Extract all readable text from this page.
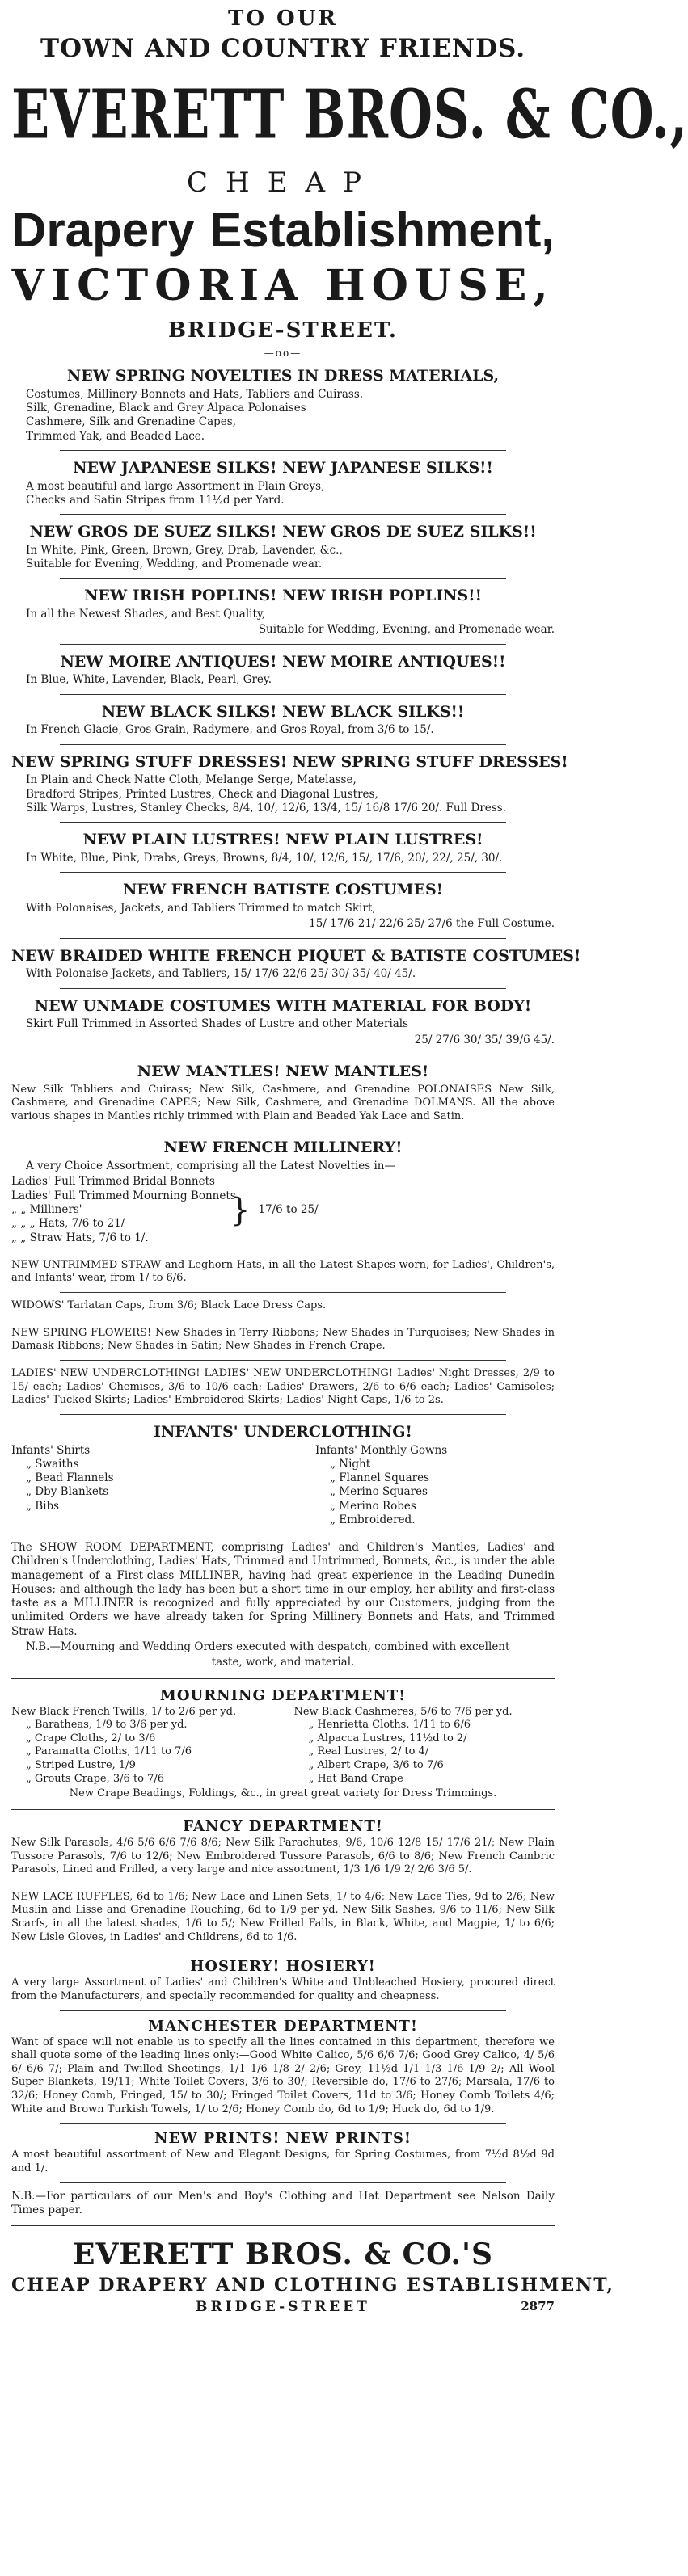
TO OUR
TOWN AND COUNTRY FRIENDS.
EVERETT BROS. & CO.,
CHEAP
Drapery Establishment,
VICTORIA HOUSE,
BRIDGE-STREET.
—oo—
NEW SPRING NOVELTIES IN DRESS MATERIALS,
Costumes, Millinery Bonnets and Hats, Tabliers and Cuirass.
Silk, Grenadine, Black and Grey Alpaca Polonaises
Cashmere, Silk and Grenadine Capes,
Trimmed Yak, and Beaded Lace.
NEW JAPANESE SILKS! NEW JAPANESE SILKS!!
A most beautiful and large Assortment in Plain Greys,
Checks and Satin Stripes from 11½d per Yard.
NEW GROS DE SUEZ SILKS! NEW GROS DE SUEZ SILKS!!
In White, Pink, Green, Brown, Grey, Drab, Lavender, &c.,
Suitable for Evening, Wedding, and Promenade wear.
NEW IRISH POPLINS! NEW IRISH POPLINS!!
In all the Newest Shades, and Best Quality,
Suitable for Wedding, Evening, and Promenade wear.
NEW MOIRE ANTIQUES! NEW MOIRE ANTIQUES!!
In Blue, White, Lavender, Black, Pearl, Grey.
NEW BLACK SILKS! NEW BLACK SILKS!!
In French Glacie, Gros Grain, Radymere, and Gros Royal, from 3/6 to 15/.
NEW SPRING STUFF DRESSES! NEW SPRING STUFF DRESSES!
In Plain and Check Natte Cloth, Melange Serge, Matelasse,
Bradford Stripes, Printed Lustres, Check and Diagonal Lustres,
Silk Warps, Lustres, Stanley Checks, 8/4, 10/, 12/6, 13/4, 15/ 16/8 17/6 20/. Full Dress.
NEW PLAIN LUSTRES! NEW PLAIN LUSTRES!
In White, Blue, Pink, Drabs, Greys, Browns, 8/4, 10/, 12/6, 15/, 17/6, 20/, 22/, 25/, 30/.
NEW FRENCH BATISTE COSTUMES!
With Polonaises, Jackets, and Tabliers Trimmed to match Skirt,
15/ 17/6 21/ 22/6 25/ 27/6 the Full Costume.
NEW BRAIDED WHITE FRENCH PIQUET & BATISTE COSTUMES!
With Polonaise Jackets, and Tabliers, 15/ 17/6 22/6 25/ 30/ 35/ 40/ 45/.
NEW UNMADE COSTUMES WITH MATERIAL FOR BODY!
Skirt Full Trimmed in Assorted Shades of Lustre and other Materials
25/ 27/6 30/ 35/ 39/6 45/.
NEW MANTLES! NEW MANTLES!
New Silk Tabliers and Cuirass; New Silk, Cashmere, and Grenadine POLONAISES New Silk, Cashmere, and Grenadine CAPES; New Silk, Cashmere, and Grenadine DOLMANS. All the above various shapes in Mantles richly trimmed with Plain and Beaded Yak Lace and Satin.
NEW FRENCH MILLINERY!
A very Choice Assortment, comprising all the Latest Novelties in—
Ladies' Full Trimmed Bridal Bonnets
Ladies' Full Trimmed Mourning Bonnets
„ „ Milliners'
„ „ „ Hats, 7/6 to 21/
„ „ Straw Hats, 7/6 to 1/.
} 17/6 to 25/
NEW UNTRIMMED STRAW and Leghorn Hats, in all the Latest Shapes worn, for Ladies', Children's, and Infants' wear, from 1/ to 6/6.
WIDOWS' Tarlatan Caps, from 3/6; Black Lace Dress Caps.
NEW SPRING FLOWERS! New Shades in Terry Ribbons; New Shades in Turquoises; New Shades in Damask Ribbons; New Shades in Satin; New Shades in French Crape.
LADIES' NEW UNDERCLOTHING! LADIES' NEW UNDERCLOTHING! Ladies' Night Dresses, 2/9 to 15/ each; Ladies' Chemises, 3/6 to 10/6 each; Ladies' Drawers, 2/6 to 6/6 each; Ladies' Camisoles; Ladies' Tucked Skirts; Ladies' Embroidered Skirts; Ladies' Night Caps, 1/6 to 2s.
INFANTS' UNDERCLOTHING!
Infants' Shirts
„ Swaiths
„ Bead Flannels
„ Dby Blankets
„ Bibs
Infants' Monthly Gowns
„ Night
„ Flannel Squares
„ Merino Squares
„ Merino Robes
„ Embroidered.
The SHOW ROOM DEPARTMENT, comprising Ladies' and Children's Mantles, Ladies' and Children's Underclothing, Ladies' Hats, Trimmed and Untrimmed, Bonnets, &c., is under the able management of a First-class MILLINER, having had great experience in the Leading Dunedin Houses; and although the lady has been but a short time in our employ, her ability and first-class taste as a MILLINER is recognized and fully appreciated by our Customers, judging from the unlimited Orders we have already taken for Spring Millinery Bonnets and Hats, and Trimmed Straw Hats.
N.B.—Mourning and Wedding Orders executed with despatch, combined with excellent
taste, work, and material.
MOURNING DEPARTMENT!
New Black French Twills, 1/ to 2/6 per yd.
„ Baratheas, 1/9 to 3/6 per yd.
„ Crape Cloths, 2/ to 3/6
„ Paramatta Cloths, 1/11 to 7/6
„ Striped Lustre, 1/9
„ Grouts Crape, 3/6 to 7/6
New Black Cashmeres, 5/6 to 7/6 per yd.
„ Henrietta Cloths, 1/11 to 6/6
„ Alpacca Lustres, 11½d to 2/
„ Real Lustres, 2/ to 4/
„ Albert Crape, 3/6 to 7/6
„ Hat Band Crape
New Crape Beadings, Foldings, &c., in great great variety for Dress Trimmings.
FANCY DEPARTMENT!
New Silk Parasols, 4/6 5/6 6/6 7/6 8/6; New Silk Parachutes, 9/6, 10/6 12/8 15/ 17/6 21/; New Plain Tussore Parasols, 7/6 to 12/6; New Embroidered Tussore Parasols, 6/6 to 8/6; New French Cambric Parasols, Lined and Frilled, a very large and nice assortment, 1/3 1/6 1/9 2/ 2/6 3/6 5/.
NEW LACE RUFFLES, 6d to 1/6; New Lace and Linen Sets, 1/ to 4/6; New Lace Ties, 9d to 2/6; New Muslin and Lisse and Grenadine Rouching, 6d to 1/9 per yd. New Silk Sashes, 9/6 to 11/6; New Silk Scarfs, in all the latest shades, 1/6 to 5/; New Frilled Falls, in Black, White, and Magpie, 1/ to 6/6; New Lisle Gloves, in Ladies' and Childrens, 6d to 1/6.
HOSIERY! HOSIERY!
A very large Assortment of Ladies' and Children's White and Unbleached Hosiery, procured direct from the Manufacturers, and specially recommended for quality and cheapness.
MANCHESTER DEPARTMENT!
Want of space will not enable us to specify all the lines contained in this department, therefore we shall quote some of the leading lines only:—Good White Calico, 5/6 6/6 7/6; Good Grey Calico, 4/ 5/6 6/ 6/6 7/; Plain and Twilled Sheetings, 1/1 1/6 1/8 2/ 2/6; Grey, 11½d 1/1 1/3 1/6 1/9 2/; All Wool Super Blankets, 19/11; White Toilet Covers, 3/6 to 30/; Reversible do, 17/6 to 27/6; Marsala, 17/6 to 32/6; Honey Comb, Fringed, 15/ to 30/; Fringed Toilet Covers, 11d to 3/6; Honey Comb Toilets 4/6; White and Brown Turkish Towels, 1/ to 2/6; Honey Comb do, 6d to 1/9; Huck do, 6d to 1/9.
NEW PRINTS! NEW PRINTS!
A most beautiful assortment of New and Elegant Designs, for Spring Costumes, from 7½d 8½d 9d and 1/.
N.B.—For particulars of our Men's and Boy's Clothing and Hat Department see Nelson Daily Times paper.
EVERETT BROS. & CO.'S
CHEAP DRAPERY AND CLOTHING ESTABLISHMENT,
BRIDGE-STREET	2877
